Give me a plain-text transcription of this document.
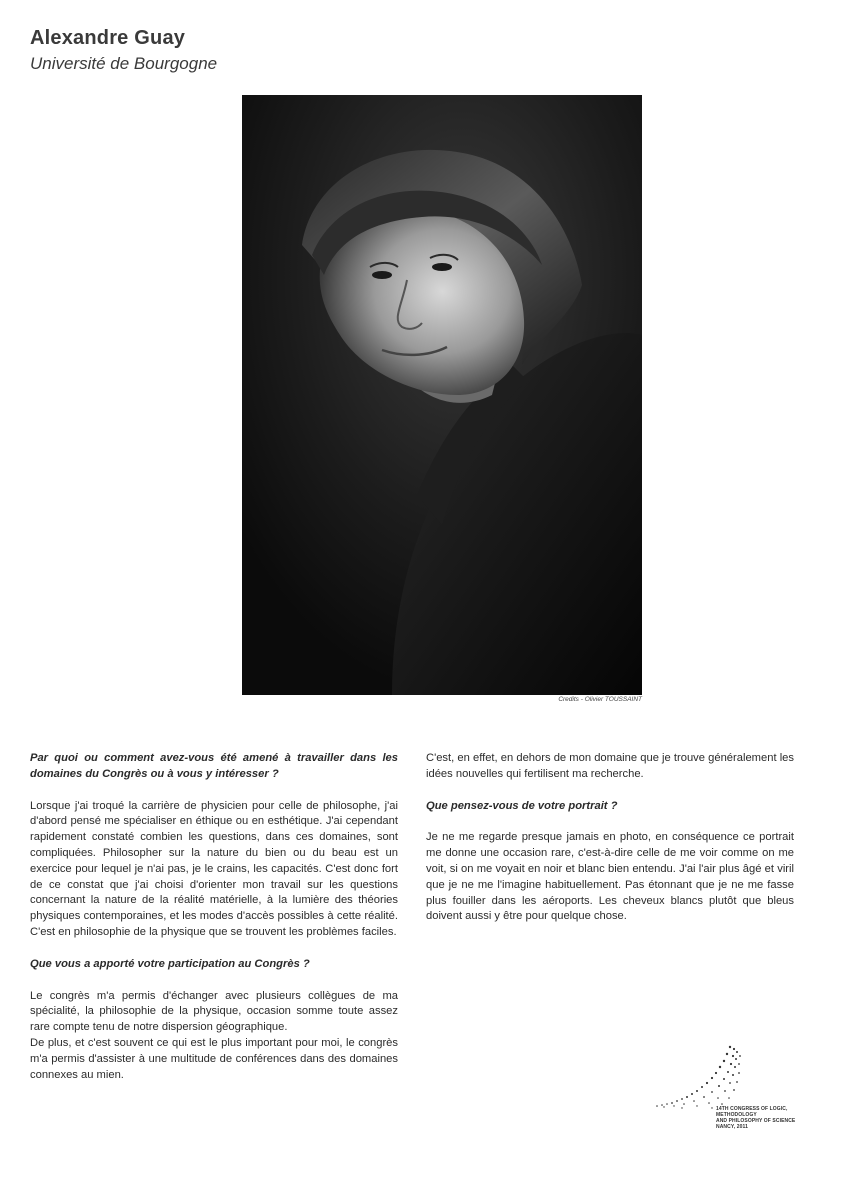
Alexandre Guay
Université de Bourgogne
Credits - Olivier TOUSSAINT

Par quoi ou comment avez-vous été amené à travailler dans les domaines du Congrès ou à vous y intéresser ?

Lorsque j'ai troqué la carrière de physicien pour celle de philosophe, j'ai d'abord pensé me spécialiser en éthique ou en esthétique. J'ai cependant rapidement constaté combien les questions, dans ces domaines, sont compliquées. Philosopher sur la nature du bien ou du beau est un exercice pour lequel je n'ai pas, je le crains, les capacités. C'est donc fort de ce constat que j'ai choisi d'orienter mon travail sur les questions concernant la nature de la réalité matérielle, à la lumière des théories physiques contemporaines, et les modes d'accès possibles à cette réalité. C'est en philosophie de la physique que se trouvent les problèmes faciles.

Que vous a apporté votre participation au Congrès ?

Le congrès m'a permis d'échanger avec plusieurs collègues de ma spécialité, la philosophie de la physique, occasion somme toute assez rare compte tenu de notre dispersion géographique.

De plus, et c'est souvent ce qui est le plus important pour moi, le congrès m'a permis d'assister à une multitude de conférences dans des domaines connexes au mien.

C'est, en effet, en dehors de mon domaine que je trouve généralement les idées nouvelles qui fertilisent ma recherche.

Que pensez-vous de votre portrait ?

Je ne me regarde presque jamais en photo, en conséquence ce portrait me donne une occasion rare, c'est-à-dire celle de me voir comme on me voit, si on me voyait en noir et blanc bien entendu. J'ai l'air plus âgé et viril que je ne me l'imagine habituellement. Pas étonnant que je ne me fasse plus fouiller dans les aéroports. Les cheveux blancs plutôt que bleus doivent aussi y être pour quelque chose.

14TH CONGRESS OF LOGIC,
METHODOLOGY
AND PHILOSOPHY OF SCIENCE
NANCY, 2011
